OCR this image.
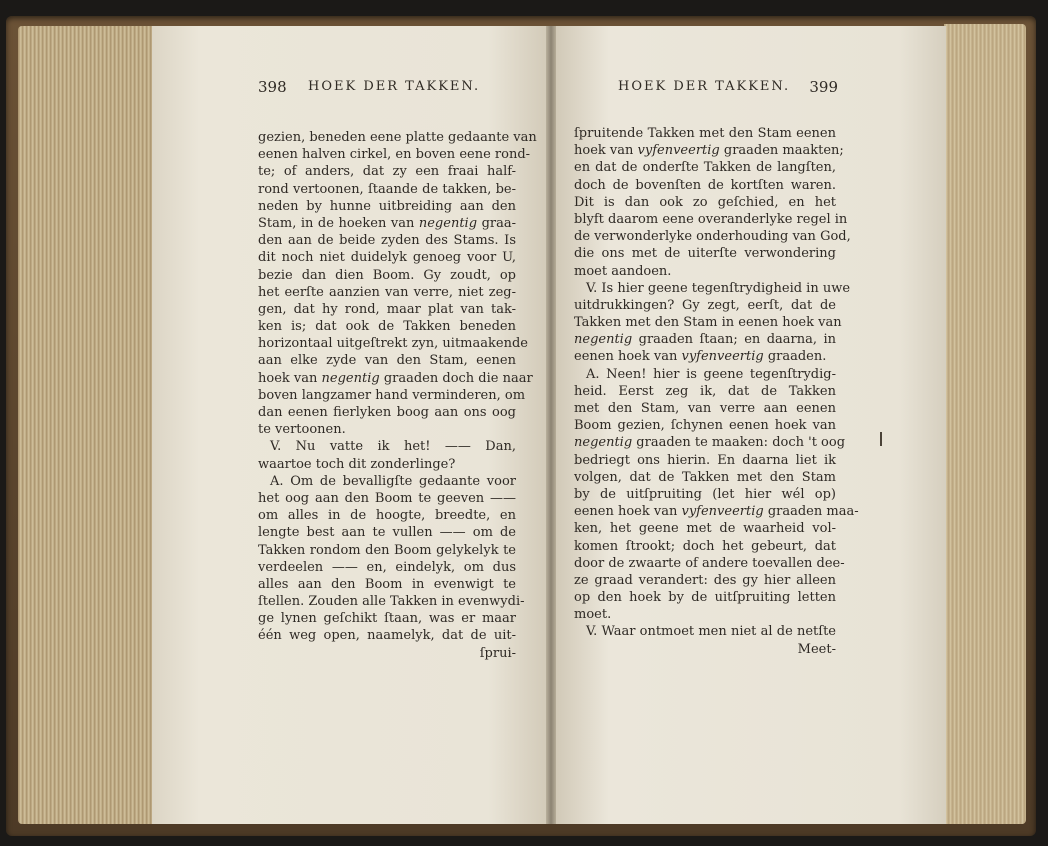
398 HOEK DER TAKKEN.	HOEK DER TAKKEN. 399
gezien, beneden eene platte gedaante van
eenen halven cirkel, en boven eene rond-
te; of anders, dat zy een fraai half-
rond vertoonen, ſtaande de takken, be-
neden by hunne uitbreiding aan den
Stam, in de hoeken van negentig graa-
den aan de beide zyden des Stams. Is
dit noch niet duidelyk genoeg voor U,
bezie dan dien Boom. Gy zoudt, op
het eerſte aanzien van verre, niet zeg-
gen, dat hy rond, maar plat van tak-
ken is; dat ook de Takken beneden
horizontaal uitgeſtrekt zyn, uitmaakende
aan elke zyde van den Stam, eenen
hoek van negentig graaden doch die naar
boven langzamer hand verminderen, om
dan eenen fierlyken boog aan ons oog
te vertoonen.
V. Nu vatte ik het! —— Dan,
waartoe toch dit zonderlinge?
A. Om de bevalligſte gedaante voor
het oog aan den Boom te geeven ——
om alles in de hoogte, breedte, en
lengte best aan te vullen —— om de
Takken rondom den Boom gelykelyk te
verdeelen —— en, eindelyk, om dus
alles aan den Boom in evenwigt te
ſtellen. Zouden alle Takken in evenwydi-
ge lynen geſchikt ſtaan, was er maar
één weg open, naamelyk, dat de uit-
ſprui-
ſpruitende Takken met den Stam eenen
hoek van vyfenveertig graaden maakten;
en dat de onderſte Takken de langſten,
doch de bovenſten de kortſten waren.
Dit is dan ook zo geſchied, en het
blyft daarom eene overanderlyke regel in
de verwonderlyke onderhouding van God,
die ons met de uiterſte verwondering
moet aandoen.
V. Is hier geene tegenſtrydigheid in uwe
uitdrukkingen? Gy zegt, eerſt, dat de
Takken met den Stam in eenen hoek van
negentig graaden ſtaan; en daarna, in
eenen hoek van vyfenveertig graaden.
A. Neen! hier is geene tegenſtrydig-
heid. Eerst zeg ik, dat de Takken
met den Stam, van verre aan eenen
Boom gezien, ſchynen eenen hoek van
negentig graaden te maaken: doch 't oog
bedriegt ons hierin. En daarna liet ik
volgen, dat de Takken met den Stam
by de uitſpruiting (let hier wél op)
eenen hoek van vyfenveertig graaden maa-
ken, het geene met de waarheid vol-
komen ſtrookt; doch het gebeurt, dat
door de zwaarte of andere toevallen dee-
ze graad verandert: des gy hier alleen
op den hoek by de uitſpruiting letten
moet.
V. Waar ontmoet men niet al de netſte
Meet-
